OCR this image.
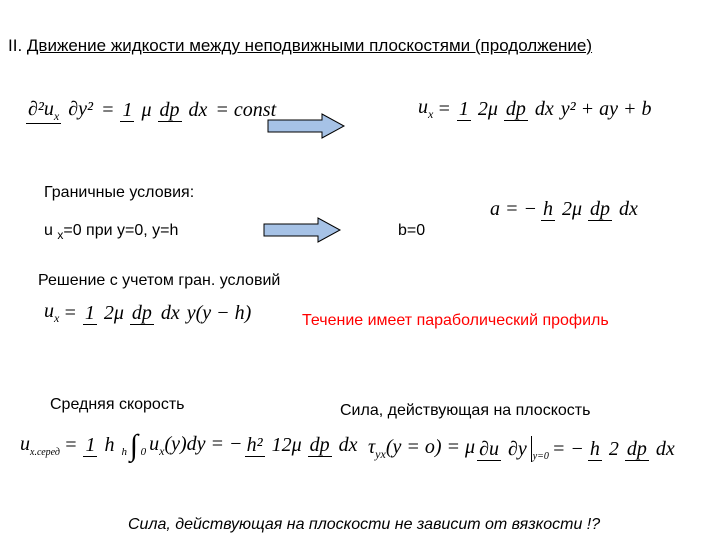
II. Движение жидкости между неподвижными плоскостями (продолжение)
$\partial^2u_x$ ∂y² = 1 μ dp dx = const	$u_x = 1$ 2μ dp dx y² + ay + b
Граничные условия:
u $_x$=0 при y=0, y=h	b=0
a = − h 2μ dp dx
Решение с учетом гран. условий
$u_x = 1$ 2μ dp dx y(y − h)	Течение имеет параболический профиль
Средняя скорость	Сила, действующая на плоскость
$u_{x.серед} = 1$ h h ∫ 0 $u_x(y)dy$ = − h² 12μ dp dx $\tau_{yx}(y = o) = \mu$ ∂u ∂y y=0 = − h 2 dp dx
Сила, действующая на плоскости не зависит от вязкости !?
